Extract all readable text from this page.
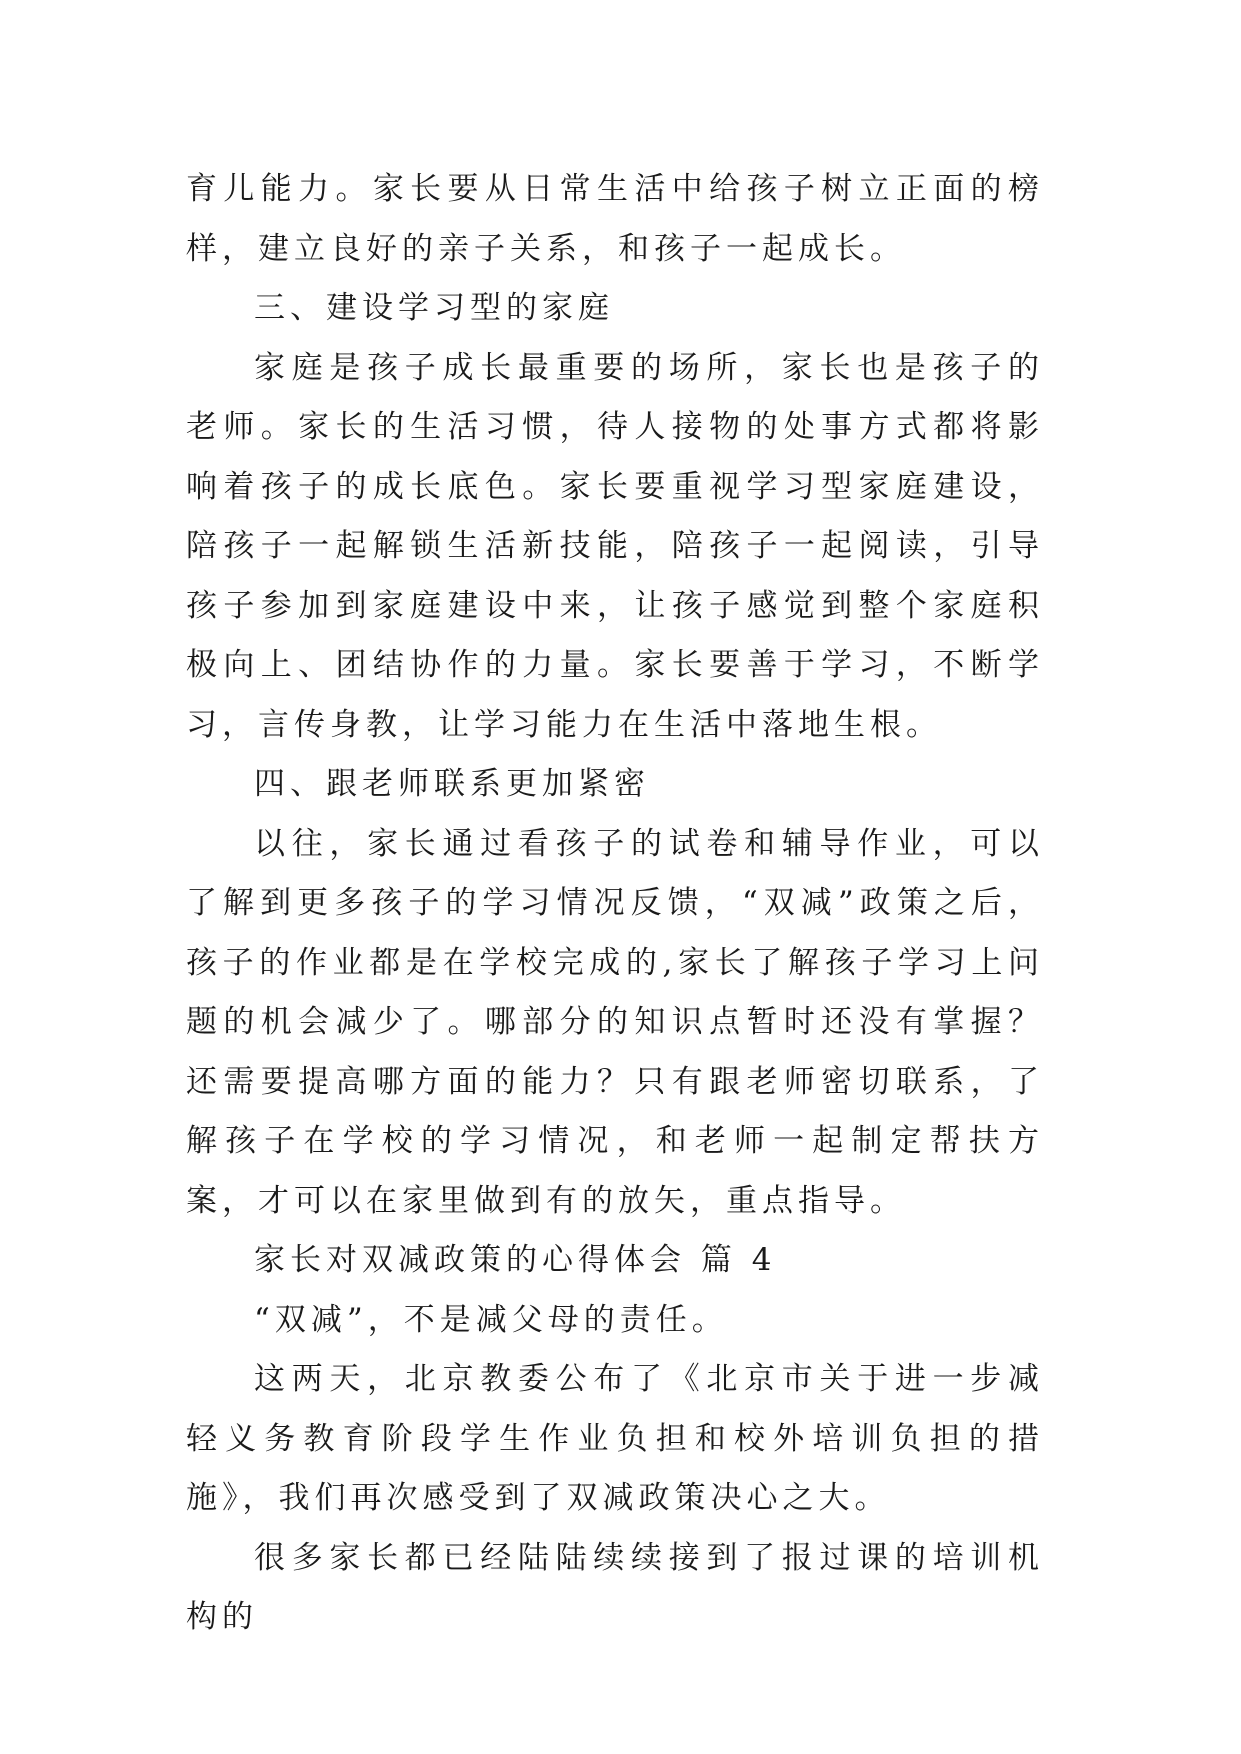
育儿能力。家长要从日常生活中给孩子树立正面的榜样，建立良好的亲子关系，和孩子一起成长。

三、建设学习型的家庭

家庭是孩子成长最重要的场所，家长也是孩子的老师。家长的生活习惯，待人接物的处事方式都将影响着孩子的成长底色。家长要重视学习型家庭建设，陪孩子一起解锁生活新技能，陪孩子一起阅读，引导孩子参加到家庭建设中来，让孩子感觉到整个家庭积极向上、团结协作的力量。家长要善于学习，不断学习，言传身教，让学习能力在生活中落地生根。

四、跟老师联系更加紧密

以往，家长通过看孩子的试卷和辅导作业，可以了解到更多孩子的学习情况反馈，“双减”政策之后，孩子的作业都是在学校完成的,家长了解孩子学习上问题的机会减少了。哪部分的知识点暂时还没有掌握？还需要提高哪方面的能力？只有跟老师密切联系，了解孩子在学校的学习情况，和老师一起制定帮扶方案，才可以在家里做到有的放矢，重点指导。

家长对双减政策的心得体会 篇 4

“双减”，不是减父母的责任。

这两天，北京教委公布了《北京市关于进一步减轻义务教育阶段学生作业负担和校外培训负担的措施》，我们再次感受到了双减政策决心之大。

很多家长都已经陆陆续续接到了报过课的培训机构的
